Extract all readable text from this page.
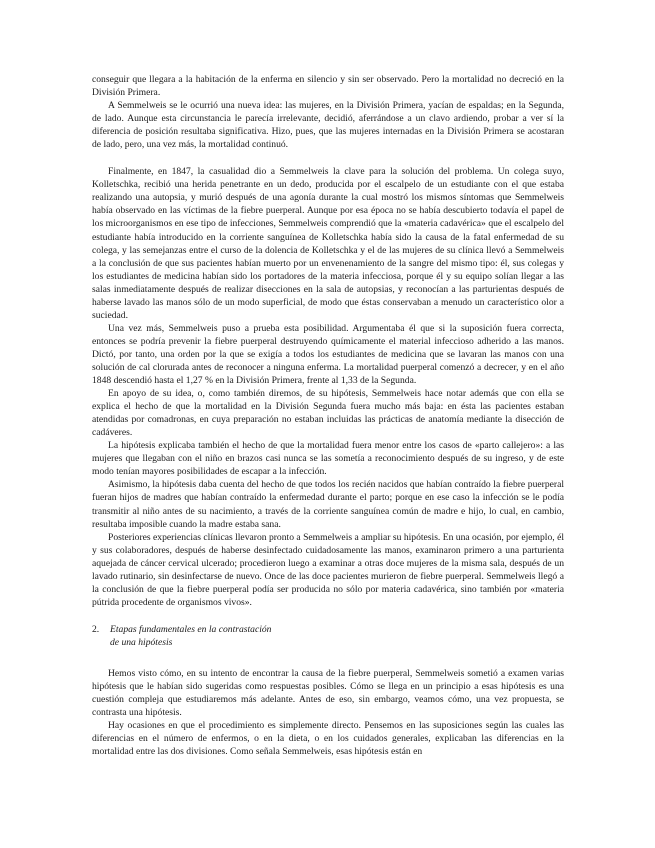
conseguir que llegara a la habitación de la enferma en silencio y sin ser observado. Pero la mortalidad no decreció en la División Primera.

A Semmelweis se le ocurrió una nueva idea: las mujeres, en la División Primera, yacían de espaldas; en la Segunda, de lado. Aunque esta circunstancia le parecía irrelevante, decidió, aferrándose a un clavo ardiendo, probar a ver sí la diferencia de posición resultaba significativa. Hizo, pues, que las mujeres internadas en la División Primera se acostaran de lado, pero, una vez más, la mortalidad continuó.

Finalmente, en 1847, la casualidad dio a Semmelweis la clave para la solución del problema. Un colega suyo, Kolletschka, recibió una herida penetrante en un dedo, producida por el escalpelo de un estudiante con el que estaba realizando una autopsia, y murió después de una agonía durante la cual mostró los mismos síntomas que Semmelweis había observado en las víctimas de la fiebre puerperal. Aunque por esa época no se había descubierto todavía el papel de los microorganismos en ese tipo de infecciones, Semmelweis comprendió que la «materia cadavérica» que el escalpelo del estudiante había introducido en la corriente sanguínea de Kolletschka había sido la causa de la fatal enfermedad de su colega, y las semejanzas entre el curso de la dolencia de Kolletschka y el de las mujeres de su clínica llevó a Semmelweis a la conclusión de que sus pacientes habían muerto por un envenenamiento de la sangre del mismo tipo: él, sus colegas y los estudiantes de medicina habían sido los portadores de la materia infecciosa, porque él y su equipo solían llegar a las salas inmediatamente después de realizar disecciones en la sala de autopsias, y reconocían a las parturientas después de haberse lavado las manos sólo de un modo superficial, de modo que éstas conservaban a menudo un característico olor a suciedad.

Una vez más, Semmelweis puso a prueba esta posibilidad. Argumentaba él que si la suposición fuera correcta, entonces se podría prevenir la fiebre puerperal destruyendo químicamente el material infeccioso adherido a las manos. Dictó, por tanto, una orden por la que se exigía a todos los estudiantes de medicina que se lavaran las manos con una solución de cal clorurada antes de reconocer a ninguna enferma. La mortalidad puerperal comenzó a decrecer, y en el año 1848 descendió hasta el 1,27 % en la División Primera, frente al 1,33 de la Segunda.

En apoyo de su idea, o, como también diremos, de su hipótesis, Semmelweis hace notar además que con ella se explica el hecho de que la mortalidad en la División Segunda fuera mucho más baja: en ésta las pacientes estaban atendidas por comadronas, en cuya preparación no estaban incluidas las prácticas de anatomía mediante la disección de cadáveres.

La hipótesis explicaba también el hecho de que la mortalidad fuera menor entre los casos de «parto callejero»: a las mujeres que llegaban con el niño en brazos casi nunca se las sometía a reconocimiento después de su ingreso, y de este modo tenían mayores posibilidades de escapar a la infección.

Asimismo, la hipótesis daba cuenta del hecho de que todos los recién nacidos que habían contraído la fiebre puerperal fueran hijos de madres que habían contraído la enfermedad durante el parto; porque en ese caso la infección se le podía transmitir al niño antes de su nacimiento, a través de la corriente sanguínea común de madre e hijo, lo cual, en cambio, resultaba imposible cuando la madre estaba sana.

Posteriores experiencias clínicas llevaron pronto a Semmelweis a ampliar su hipótesis. En una ocasión, por ejemplo, él y sus colaboradores, después de haberse desinfectado cuidadosamente las manos, examinaron primero a una parturienta aquejada de cáncer cervical ulcerado; procedieron luego a examinar a otras doce mujeres de la misma sala, después de un lavado rutinario, sin desinfectarse de nuevo. Once de las doce pacientes murieron de fiebre puerperal. Semmelweis llegó a la conclusión de que la fiebre puerperal podía ser producida no sólo por materia cadavérica, sino también por «materia pútrida procedente de organismos vivos».

2. Etapas fundamentales en la contrastación
de una hipótesis

Hemos visto cómo, en su intento de encontrar la causa de la fiebre puerperal, Semmelweis sometió a examen varias hipótesis que le habían sido sugeridas como respuestas posibles. Cómo se llega en un principio a esas hipótesis es una cuestión compleja que estudiaremos más adelante. Antes de eso, sin embargo, veamos cómo, una vez propuesta, se contrasta una hipótesis.

Hay ocasiones en que el procedimiento es simplemente directo. Pensemos en las suposiciones según las cuales las diferencias en el número de enfermos, o en la dieta, o en los cuidados generales, explicaban las diferencias en la mortalidad entre las dos divisiones. Como señala Semmelweis, esas hipótesis están en
